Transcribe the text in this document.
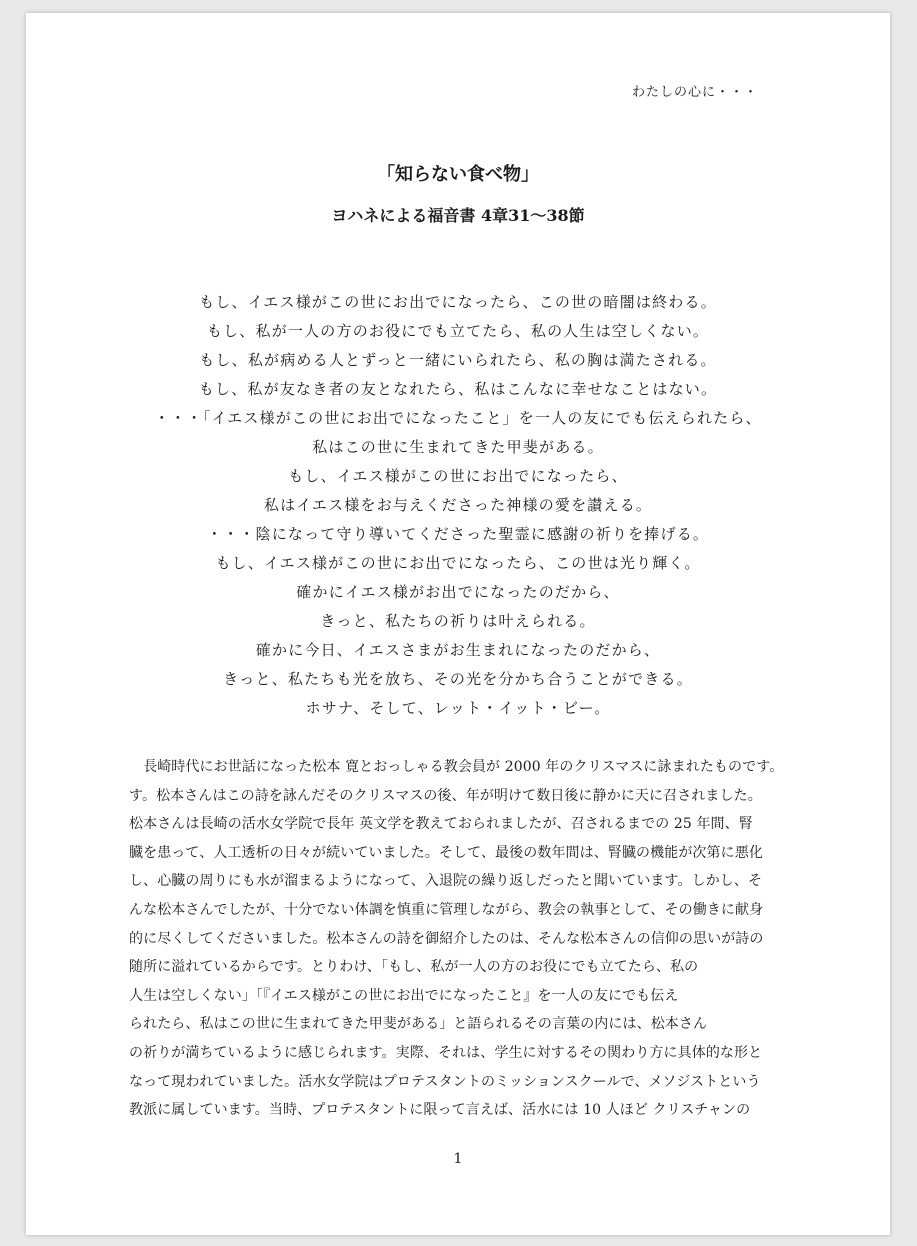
わたしの心に・・・
「知らない食べ物」
ヨハネによる福音書 4章31～38節
もし、イエス様がこの世にお出でになったら、この世の暗闇は終わる。
もし、私が一人の方のお役にでも立てたら、私の人生は空しくない。
もし、私が病める人とずっと一緒にいられたら、私の胸は満たされる。
もし、私が友なき者の友となれたら、私はこんなに幸せなことはない。
・・・「イエス様がこの世にお出でになったこと」を一人の友にでも伝えられたら、
私はこの世に生まれてきた甲斐がある。
もし、イエス様がこの世にお出でになったら、
私はイエス様をお与えくださった神様の愛を讃える。
・・・陰になって守り導いてくださった聖霊に感謝の祈りを捧げる。
もし、イエス様がこの世にお出でになったら、この世は光り輝く。
確かにイエス様がお出でになったのだから、
きっと、私たちの祈りは叶えられる。
確かに今日、イエスさまがお生まれになったのだから、
きっと、私たちも光を放ち、その光を分かち合うことができる。
ホサナ、そして、レット・イット・ビー。
　長崎時代にお世話になった松本 寛とおっしゃる教会員が 2000 年のクリスマスに詠まれたものです。
す。松本さんはこの詩を詠んだそのクリスマスの後、年が明けて数日後に静かに天に召されました。
松本さんは長崎の活水女学院で長年 英文学を教えておられましたが、召されるまでの 25 年間、腎
臓を患って、人工透析の日々が続いていました。そして、最後の数年間は、腎臓の機能が次第に悪化
し、心臓の周りにも水が溜まるようになって、入退院の繰り返しだったと聞いています。しかし、そ
んな松本さんでしたが、十分でない体調を慎重に管理しながら、教会の執事として、その働きに献身
的に尽くしてくださいました。松本さんの詩を御紹介したのは、そんな松本さんの信仰の思いが詩の
随所に溢れているからです。とりわけ、「もし、私が一人の方のお役にでも立てたら、私の
人生は空しくない」「『イエス様がこの世にお出でになったこと』を一人の友にでも伝え
られたら、私はこの世に生まれてきた甲斐がある」と語られるその言葉の内には、松本さん
の祈りが満ちているように感じられます。実際、それは、学生に対するその関わり方に具体的な形と
なって現われていました。活水女学院はプロテスタントのミッションスクールで、メソジストという
教派に属しています。当時、プロテスタントに限って言えば、活水には 10 人ほど クリスチャンの
1
